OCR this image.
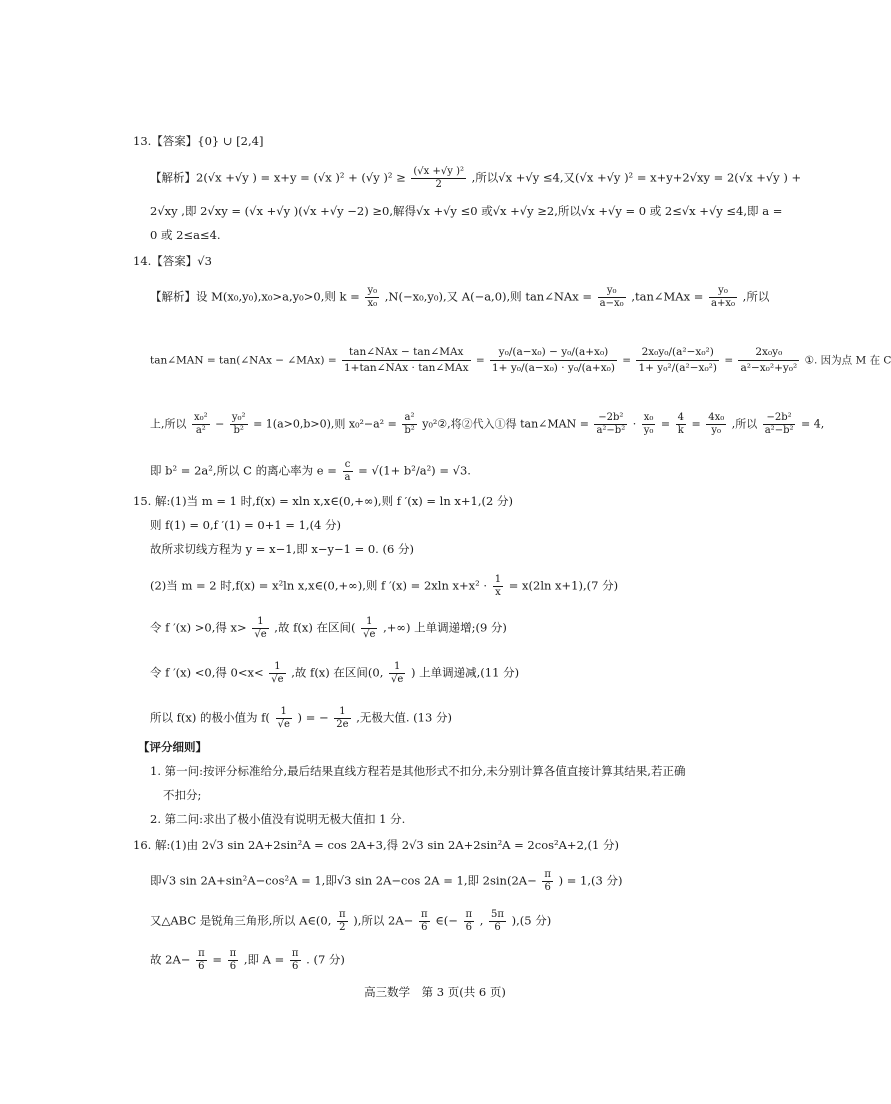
13.【答案】{0} ∪ [2,4]
【解析】2(√x +√y ) = x+y = (√x )² + (√y )$^2 \ge \frac{\text{(√x +√y )²}}{2}$ ,所以√x +√y ≤4,又(√x +√y )² = x+y+2√xy = 2(√x +√y ) +
2√xy ,即 2√xy = (√x +√y )(√x +√y −2) ≥0,解得√x +√y ≤0 或√x +√y ≥2,所以√x +√y = 0 或 2≤√x +√y ≤4,即 a =
0 或 2≤a≤4.
14.【答案】√3
【解析】设 M(x₀,y₀),x₀>a,y₀>0,则 $k = \frac{\text{y₀}}{\text{x₀}} ,N(-x_0,y_0)$,又 A(−a,0),则 tan∠NAx = $\frac{\text{y₀}}{\text{a−x₀}}$ ,tan∠MAx = $\frac{\text{y₀}}{\text{a+x₀}}$ ,所以
tan∠MAN = tan(∠NAx − ∠MAx) = $\frac{\text{tan∠NAx − tan∠MAx}}{\text{1+tan∠NAx · tan∠MAx}} = \frac{\text{y₀/(a−x₀) − y₀/(a+x₀)}}{\text{1+ y₀/(a−x₀) · y₀/(a+x₀)}} = \frac{\text{2x₀y₀/(a²−x₀²)}}{\text{1+ y₀²/(a²−x₀²)}} = \frac{\text{2x₀y₀}}{\text{a²−x₀²+y₀²}}$ ①. 因为点 M 在 C
上,所以 $\frac{\text{x₀²}}{\text{a²}} - \frac{\text{y₀²}}{\text{b²}} = 1(a>0,b>0)$,则 $x_0^2-a^2 = \frac{\text{a²}}{\text{b²}}$ y₀²②,将②代入①得 tan∠MAN = $\frac{\text{−2b²}}{\text{a²−b²}} \cdot \frac{\text{x₀}}{\text{y₀}} = \frac{4}{k} = \frac{\text{4x₀}}{\text{y₀}}$ ,所以 $\frac{\text{−2b²}}{\text{a²−b²}} = 4$,
即 b² = 2a²,所以 C 的离心率为 $e = \frac{c}{a} = √(1+ b^2/a^2) = √3$.
15. 解:(1)当 m = 1 时,f(x) = xln x,x∈(0,+∞),则 f ′(x) = ln x+1,(2 分)
则 f(1) = 0,f ′(1) = 0+1 = 1,(4 分)
故所求切线方程为 y = x−1,即 x−y−1 = 0. (6 分)
(2)当 m = 2 时,f(x) = x²ln x,x∈(0,+∞),则 f ′(x) = 2xln $x+x^2 \cdot \frac{1}{x} = x(2\ln$ x+1),(7 分)
令 f ′(x) >0,得 $x> \frac{1}{√e}$ ,故 f(x) 在区间( $\frac{1}{√e}$ ,+∞) 上单调递增;(9 分)
令 f ′(x) <0,得 $0<x< \frac{1}{√e}$ ,故 f(x) 在区间(0, $\frac{1}{√e}$ ) 上单调递减,(11 分)
所以 f(x) 的极小值为 $f( \frac{1}{√e}$ ) = − $\frac{1}{2e}$ ,无极大值. (13 分)
【评分细则】
1. 第一问:按评分标准给分,最后结果直线方程若是其他形式不扣分,未分别计算各值直接计算其结果,若正确
不扣分;
2. 第二问:求出了极小值没有说明无极大值扣 1 分.
16. 解:(1)由 2√3 sin 2A+2sin²A = cos 2A+3,得 2√3 sin 2A+2sin²A = 2cos²A+2,(1 分)
即√3 sin 2A+sin²A−cos²A = 1,即√3 sin 2A−cos 2A = 1,即 $2\sin(2A- \frac{\pi}{6}$ ) = 1,(3 分)
又△ABC 是锐角三角形,所以 A∈(0, $\frac{\pi}{2}$ ),所以 $2A- \frac{\pi}{6}$ ∈(− $\frac{\pi}{6}$ , $\frac{5\pi}{6} ),(5$ 分)
故 $2A- \frac{\pi}{6} = \frac{\pi}{6}$ ,即 $A = \frac{\pi}{6}$ . (7 分)
高三数学　第 3 页(共 6 页)
